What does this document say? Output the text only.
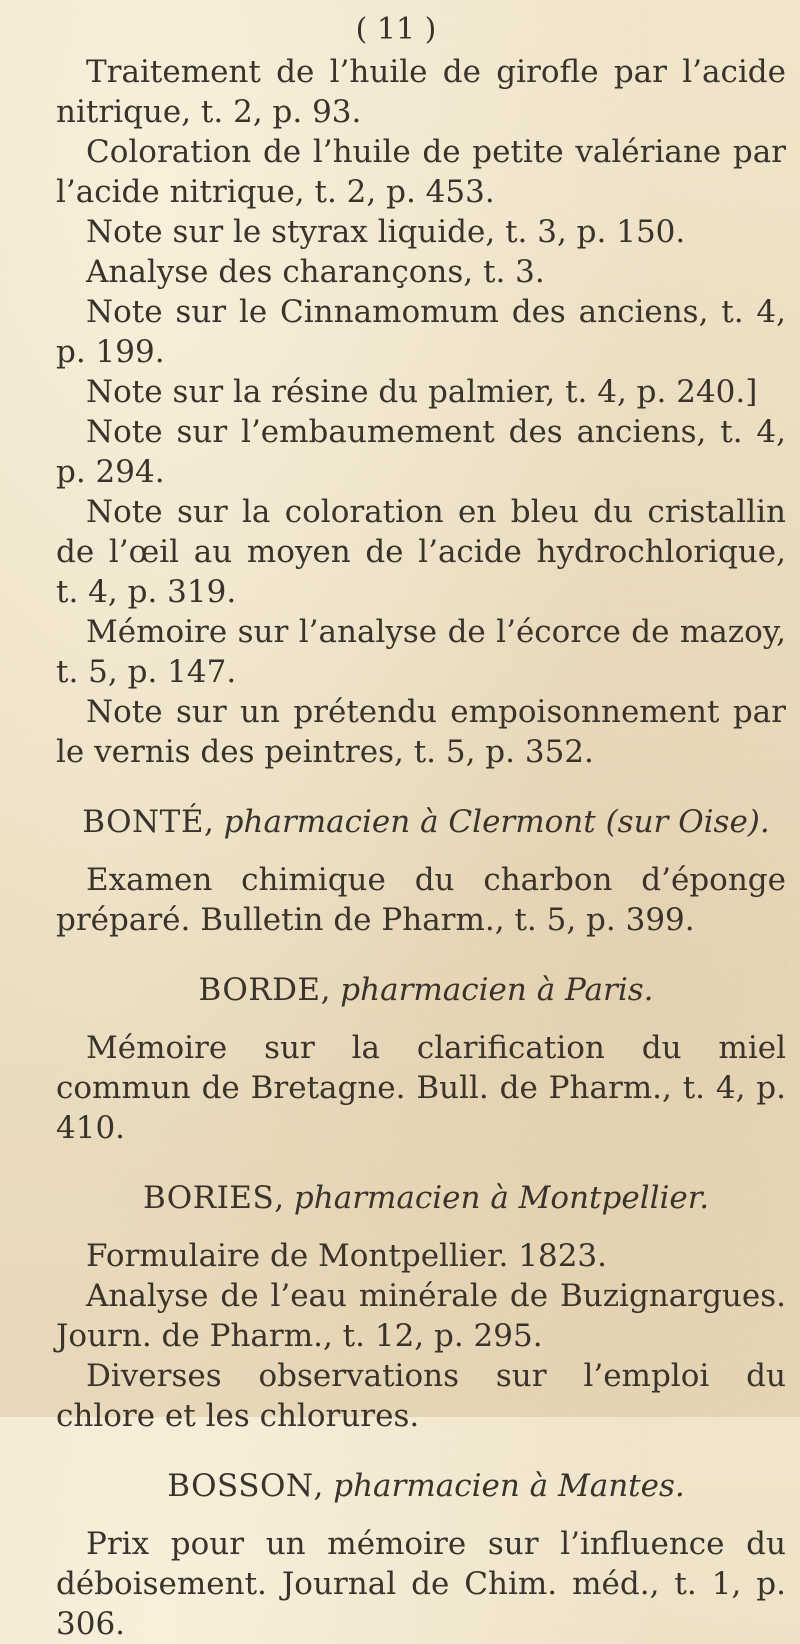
( 11 )

Traitement de l’huile de girofle par l’acide nitrique, t. 2, p. 93.

Coloration de l’huile de petite valériane par l’acide nitrique, t. 2, p. 453.

Note sur le styrax liquide, t. 3, p. 150.

Analyse des charançons, t. 3.

Note sur le Cinnamomum des anciens, t. 4, p. 199.

Note sur la résine du palmier, t. 4, p. 240.]

Note sur l’embaumement des anciens, t. 4, p. 294.

Note sur la coloration en bleu du cristallin de l’œil au moyen de l’acide hydrochlorique, t. 4, p. 319.

Mémoire sur l’analyse de l’écorce de mazoy, t. 5, p. 147.

Note sur un prétendu empoisonnement par le vernis des peintres, t. 5, p. 352.

BONTÉ, pharmacien à Clermont (sur Oise).

Examen chimique du charbon d’éponge préparé. Bulletin de Pharm., t. 5, p. 399.

BORDE, pharmacien à Paris.

Mémoire sur la clarification du miel commun de Bretagne. Bull. de Pharm., t. 4, p. 410.

BORIES, pharmacien à Montpellier.

Formulaire de Montpellier. 1823.

Analyse de l’eau minérale de Buzignargues. Journ. de Pharm., t. 12, p. 295.

Diverses observations sur l’emploi du chlore et les chlorures.

BOSSON, pharmacien à Mantes.

Prix pour un mémoire sur l’influence du déboisement. Journal de Chim. méd., t. 1, p. 306.
